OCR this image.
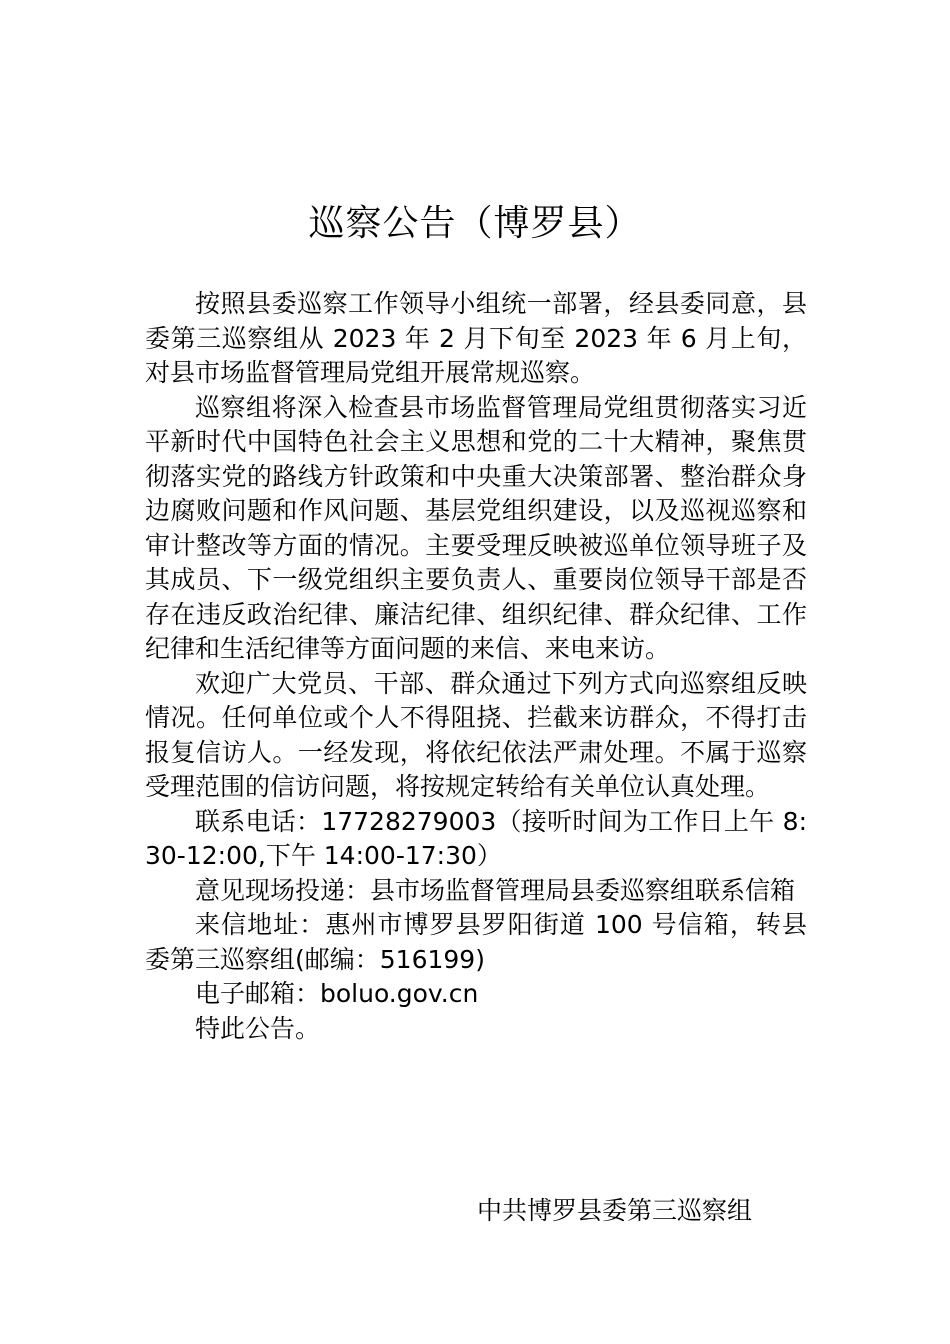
巡察公告（博罗县）

按照县委巡察工作领导小组统一部署，经县委同意，县委第三巡察组从 2023 年 2 月下旬至 2023 年 6 月上旬，对县市场监督管理局党组开展常规巡察。

巡察组将深入检查县市场监督管理局党组贯彻落实习近平新时代中国特色社会主义思想和党的二十大精神，聚焦贯彻落实党的路线方针政策和中央重大决策部署、整治群众身边腐败问题和作风问题、基层党组织建设，以及巡视巡察和审计整改等方面的情况。主要受理反映被巡单位领导班子及其成员、下一级党组织主要负责人、重要岗位领导干部是否存在违反政治纪律、廉洁纪律、组织纪律、群众纪律、工作纪律和生活纪律等方面问题的来信、来电来访。

欢迎广大党员、干部、群众通过下列方式向巡察组反映情况。任何单位或个人不得阻挠、拦截来访群众，不得打击报复信访人。一经发现，将依纪依法严肃处理。不属于巡察受理范围的信访问题，将按规定转给有关单位认真处理。

联系电话：17728279003（接听时间为工作日上午 8:30-12:00,下午 14:00-17:30）

意见现场投递：县市场监督管理局县委巡察组联系信箱

来信地址：惠州市博罗县罗阳街道 100 号信箱，转县委第三巡察组(邮编：516199)

电子邮箱：boluo.gov.cn

特此公告。

中共博罗县委第三巡察组
